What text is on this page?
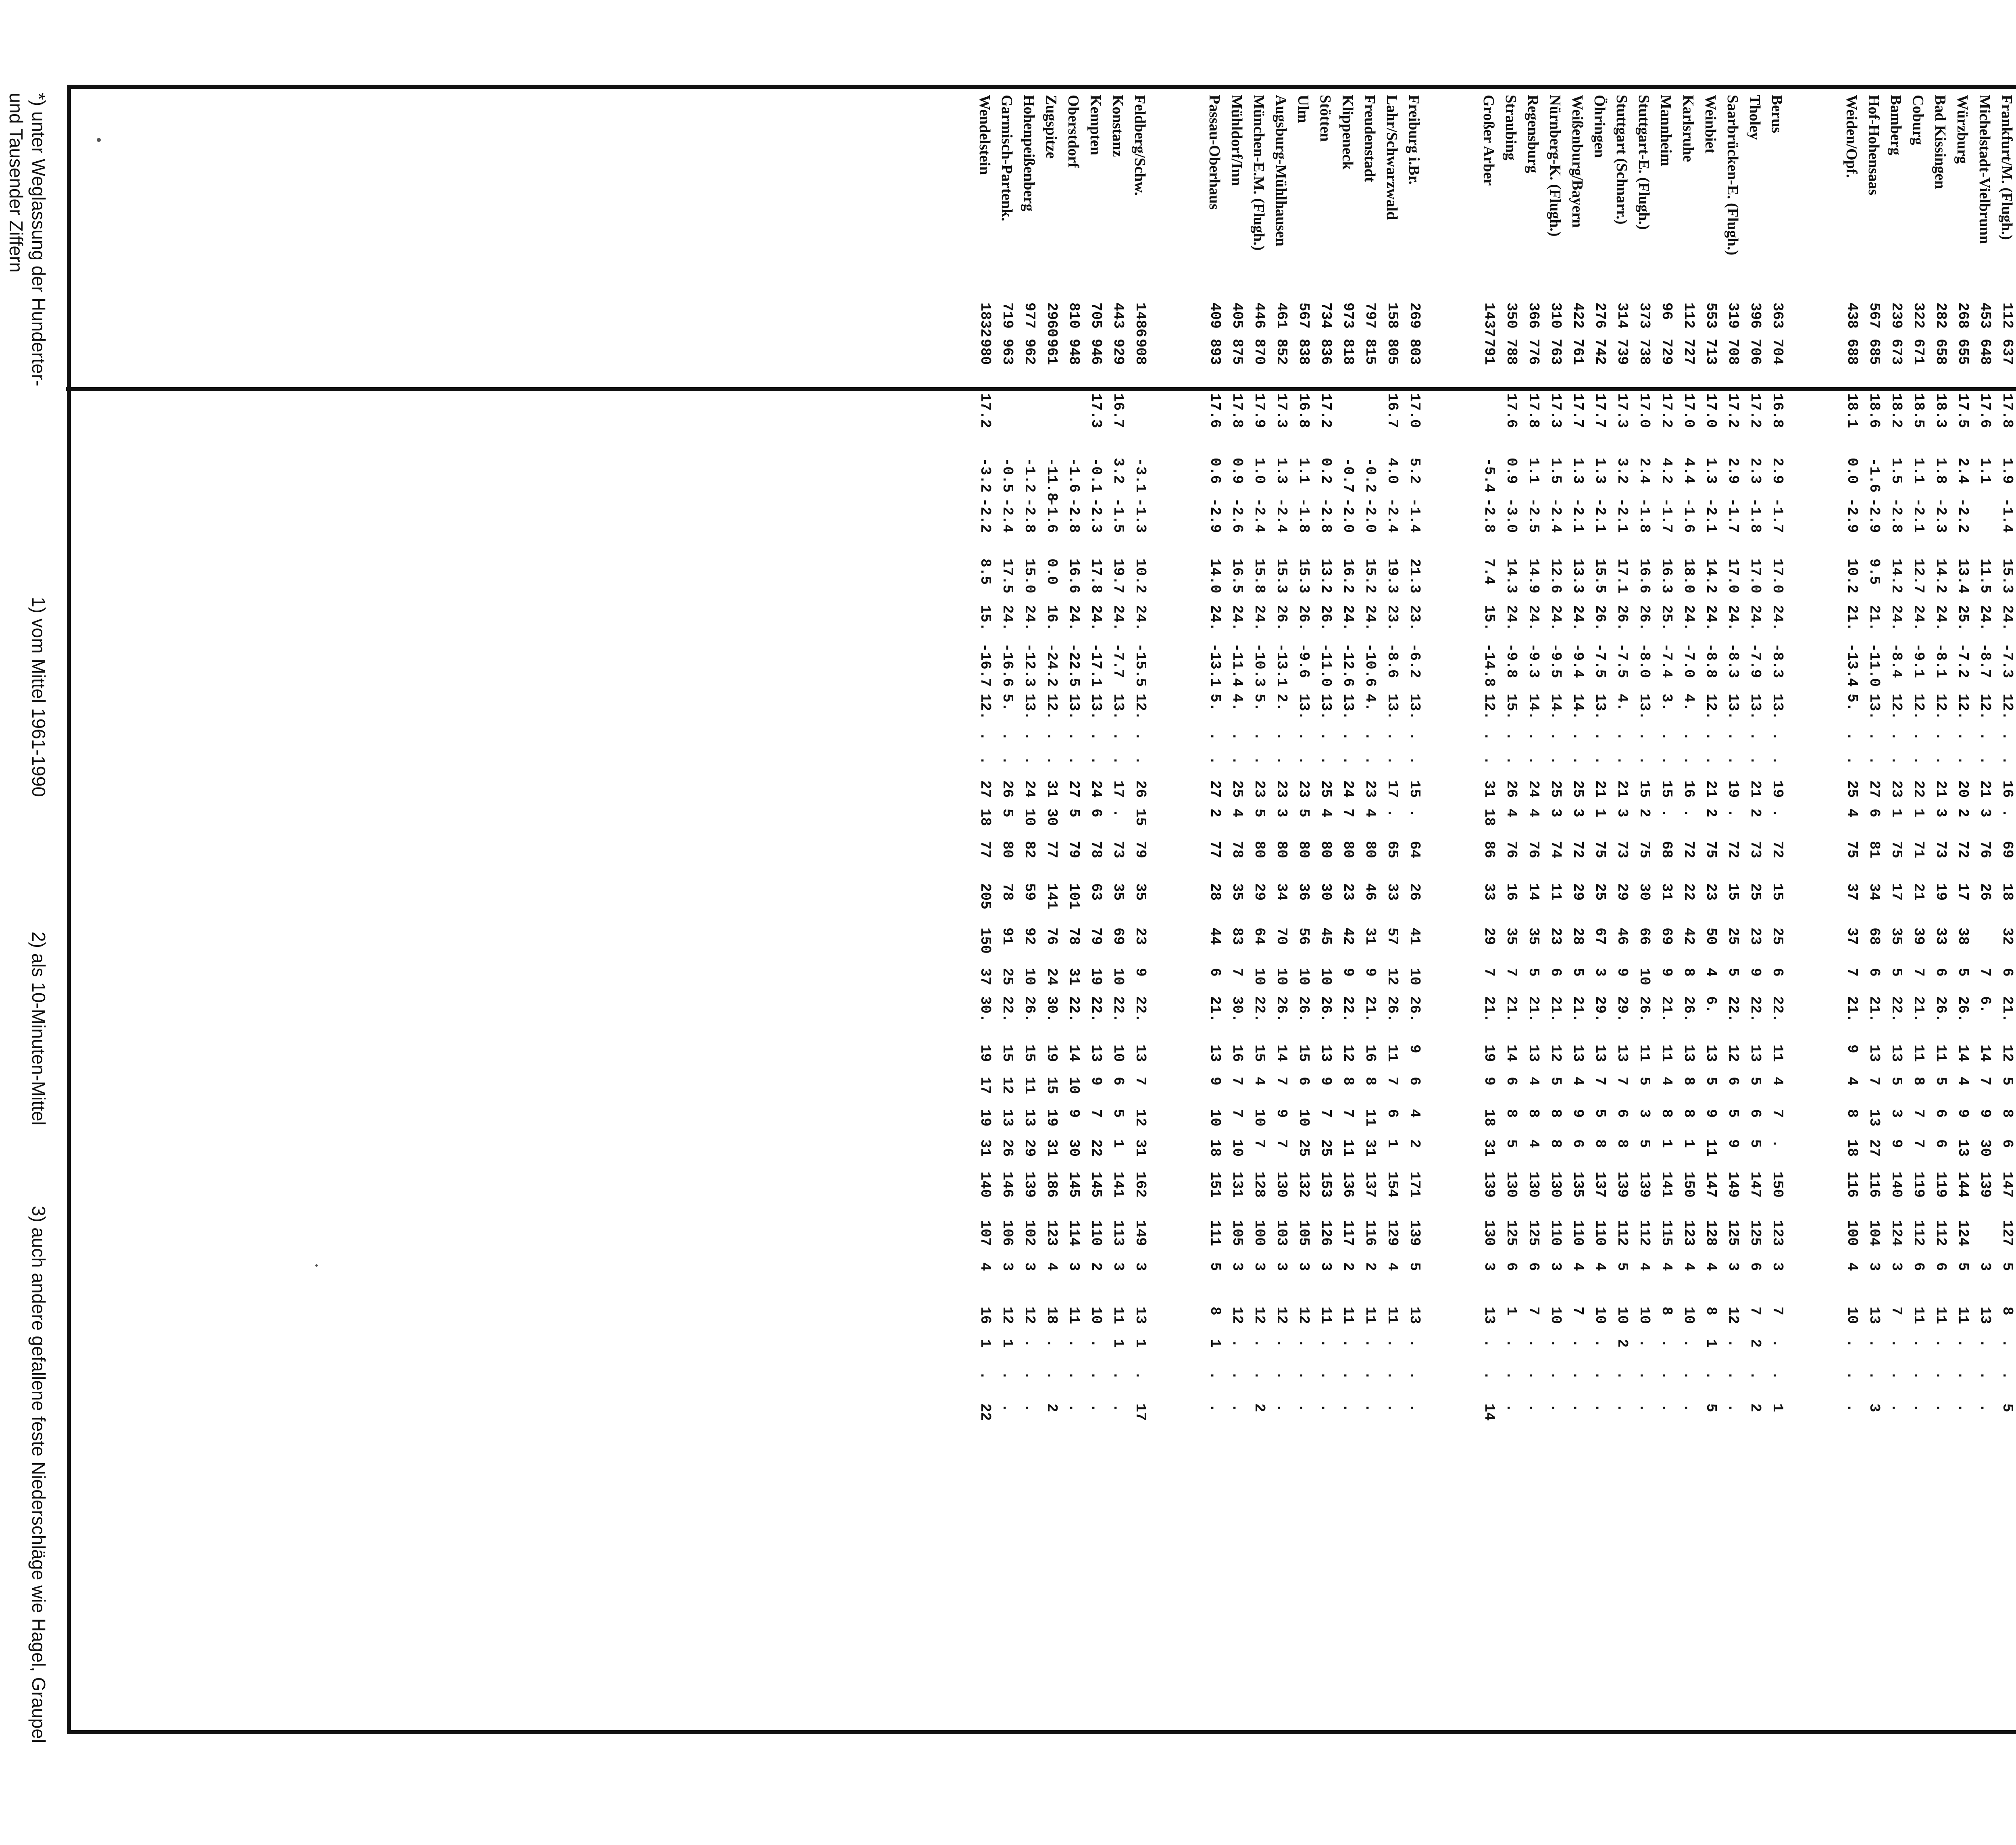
Frankfurt/M. (Flugh.)
112
637
17.8
1.9
-1.4
15.3
24.
-7.3
12.
.
.
16
.
69
18
32
6
21.
12
5
8
6
147
127
5
8
.
.
5
Michelstadt-Vielbrunn
453
648
17.6
1.1
11.5
24.
-8.7
12.
.
.
21
3
76
26
7
6.
14
7
9
30
139
3
13
.
.
.
Würzburg
268
655
17.5
2.4
-2.2
13.4
25.
-7.2
12.
.
.
20
2
72
17
38
5
26.
14
4
9
13
144
124
5
11
.
.
.
Bad Kissingen
282
658
18.3
1.8
-2.3
14.2
24.
-8.1
12.
.
.
21
3
73
19
33
6
26.
11
5
6
6
119
112
6
11
.
.
.
Coburg
322
671
18.5
1.1
-2.1
12.7
24.
-9.1
12.
.
.
22
1
71
21
39
7
21.
11
8
7
7
119
112
6
11
.
.
.
Bamberg
239
673
18.2
1.5
-2.8
14.2
24.
-8.4
12.
.
.
23
1
75
17
35
5
22.
13
5
3
9
140
124
3
7
.
.
.
Hof-Hohensaas
567
685
18.6
-1.6
-2.9
9.5
21.
-11.0
13.
.
.
27
6
81
34
68
6
21.
13
7
13
27
116
104
3
13
.
.
3
Weiden/Opf.
438
688
18.1
0.0
-2.9
10.2
21.
-13.4
5.
.
.
25
4
75
37
37
7
21.
9
4
8
18
116
100
4
10
.
.
.
Berus
363
704
16.8
2.9
-1.7
17.0
24.
-8.3
13.
.
.
19
.
72
15
25
6
22.
11
4
7
.
150
123
3
7
.
.
1
Tholey
396
706
17.2
2.3
-1.8
17.0
24.
-7.9
13.
.
.
21
2
73
25
23
9
22.
13
5
6
5
147
125
6
7
2
.
2
Saarbrücken-E. (Flugh.)
319
708
17.2
2.9
-1.7
17.0
24.
-8.3
13.
.
.
19
.
72
15
25
5
22.
12
6
5
9
149
125
3
12
.
.
.
Weinbiet
553
713
17.0
1.3
-2.1
14.2
24.
-8.8
12.
.
.
21
2
75
23
50
4
6.
13
5
9
11
147
128
4
8
1
.
5
Karlsruhe
112
727
17.0
4.4
-1.6
18.0
24.
-7.0
4.
.
.
16
.
72
22
42
8
26.
13
8
8
1
150
123
4
10
.
.
.
Mannheim
96
729
17.2
4.2
-1.7
16.3
25.
-7.4
3.
.
.
15
.
68
31
69
9
21.
11
4
8
1
141
115
4
8
.
.
.
Stuttgart-E. (Flugh.)
373
738
17.0
2.4
-1.8
16.6
26.
-8.0
13.
.
.
15
2
75
30
66
10
26.
11
5
3
5
139
112
4
10
.
.
.
Stuttgart (Schnarr.)
314
739
17.3
3.2
-2.1
17.1
26.
-7.5
4.
.
.
21
3
73
29
46
9
29.
13
7
6
8
139
112
5
10
2
.
.
Öhringen
276
742
17.7
1.3
-2.1
15.5
26.
-7.5
13.
.
.
21
1
75
25
67
3
29.
13
7
5
8
137
110
4
10
.
.
.
Weißenburg/Bayern
422
761
17.7
1.3
-2.1
13.3
24.
-9.4
14.
.
.
25
3
72
29
28
5
21.
13
4
9
6
135
110
4
7
.
.
.
Nürnberg-K. (Flugh.)
310
763
17.3
1.5
-2.4
12.6
24.
-9.5
14.
.
.
25
3
74
11
23
6
21.
12
5
8
8
130
110
3
10
.
.
.
Regensburg
366
776
17.8
1.1
-2.5
14.9
24.
-9.3
14.
.
.
24
4
76
14
35
5
21.
13
4
8
4
130
125
6
7
.
.
.
Straubing
350
788
17.6
0.9
-3.0
14.3
24.
-9.8
15.
.
.
26
4
76
16
35
7
21.
14
6
8
5
130
125
6
1
.
.
.
Großer Arber
1437
791
-5.4
-2.8
7.4
15.
-14.8
12.
.
.
31
18
86
33
29
7
21.
19
9
18
31
139
130
3
13
.
.
14
Freiburg i.Br.
269
803
17.0
5.2
-1.4
21.3
23.
-6.2
13.
.
.
15
.
64
26
41
10
26.
9
6
4
2
171
139
5
13
.
.
.
Lahr/Schwarzwald
158
805
16.7
4.0
-2.4
19.3
23.
-8.6
13.
.
.
17
.
65
33
57
12
26.
11
7
6
1
154
129
4
11
.
.
.
Freudenstadt
797
815
-0.2
-2.0
15.2
24.
-10.6
4.
.
.
23
4
80
46
31
9
21.
16
8
11
31
137
116
2
11
.
.
.
Klippeneck
973
818
-0.7
-2.0
16.2
24.
-12.6
13.
.
.
24
7
80
23
42
9
22.
12
8
7
11
136
117
2
11
.
.
.
Stötten
734
836
17.2
0.2
-2.8
13.2
26.
-11.0
13.
.
.
25
4
80
30
45
10
26.
13
9
7
25
153
126
3
11
.
.
.
Ulm
567
838
16.8
1.1
-1.8
15.3
26.
-9.6
13.
.
.
23
5
80
36
56
10
26.
15
6
10
25
132
105
3
12
.
.
.
Augsburg-Mühlhausen
461
852
17.3
1.3
-2.4
15.3
26.
-13.1
2.
.
.
23
3
80
34
70
10
26.
14
7
9
7
130
103
3
12
.
.
.
München-E.M. (Flugh.)
446
870
17.9
1.0
-2.4
15.8
24.
-10.3
5.
.
.
23
5
80
29
64
10
22.
15
4
10
7
128
100
3
12
.
.
2
Mühldorf/Inn
405
875
17.8
0.9
-2.6
16.5
24.
-11.4
4.
.
.
25
4
78
35
83
7
30.
16
7
7
10
131
105
3
12
.
.
.
Passau-Oberhaus
409
893
17.6
0.6
-2.9
14.0
24.
-13.1
5.
.
.
27
2
77
28
44
6
21.
13
9
10
18
151
111
5
8
1
.
.
Feldberg/Schw.
1486
908
-3.1
-1.3
10.2
24.
-15.5
12.
.
.
26
15
79
35
23
9
22.
13
7
12
31
162
149
3
13
1
.
17
Konstanz
443
929
16.7
3.2
-1.5
19.7
24.
-7.7
13.
.
.
17
.
73
35
69
10
22.
10
6
5
1
141
113
3
11
1
.
.
Kempten
705
946
17.3
-0.1
-2.3
17.8
24.
-17.1
13.
.
.
24
6
78
63
79
19
22.
13
9
7
22
145
110
2
10
.
.
.
Oberstdorf
810
948
-1.6
-2.8
16.6
24.
-22.5
13.
.
.
27
5
79
101
78
31
22.
14
10
9
30
145
114
3
11
.
.
.
Zugspitze
2960
961
-11.8
-1.6
0.0
16.
-24.2
12.
.
.
31
30
77
141
76
24
30.
19
15
19
31
186
123
4
18
.
.
2
Hohenpeißenberg
977
962
-1.2
-2.8
15.0
24.
-12.3
13.
.
.
24
10
82
59
92
10
26.
15
11
13
29
139
102
3
12
.
.
.
Garmisch-Partenk.
719
963
-0.5
-2.4
17.5
24.
-16.6
5.
.
.
26
5
80
78
91
25
22.
15
12
13
26
146
106
3
12
1
.
.
Wendelstein
1832
980
17.2
-3.2
-2.2
8.5
15.
-16.7
12.
.
.
27
18
77
205
150
37
30.
19
17
19
31
140
107
4
16
1
.
22
*) unter Weglassung der Hunderter-
und Tausender Ziffern
1) vom Mittel 1961-1990
2) als 10-Minuten-Mittel
3) auch andere gefallene feste Niederschläge wie Hagel, Graupel
